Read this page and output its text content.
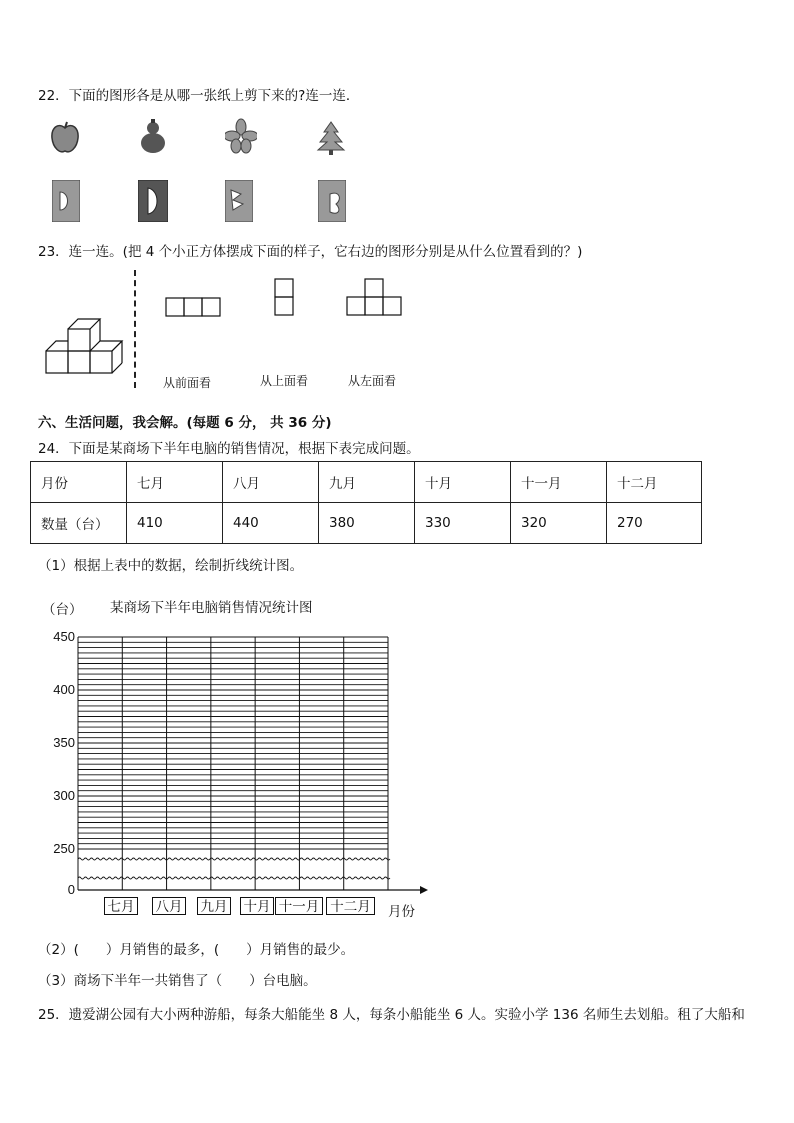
22．下面的图形各是从哪一张纸上剪下来的?连一连．
23．连一连。(把 4 个小正方体摆成下面的样子，它右边的图形分别是从什么位置看到的？)
从前面看	从上面看	从左面看
六、生活问题，我会解。(每题 6 分， 共 36 分)
24．下面是某商场下半年电脑的销售情况，根据下表完成问题。
月份	七月	八月	九月	十月	十一月	十二月
数量（台）	410	440	380	330	320	270
（1）根据上表中的数据，绘制折线统计图。
（台） 某商场下半年电脑销售情况统计图
450
400
350
300
250
0
月份
七月 八月 九月 十月 十一月 十二月
（2）(　　）月销售的最多，(　　）月销售的最少。
（3）商场下半年一共销售了（　　）台电脑。
25．遗爱湖公园有大小两种游船，每条大船能坐 8 人，每条小船能坐 6 人。实验小学 136 名师生去划船。租了大船和
